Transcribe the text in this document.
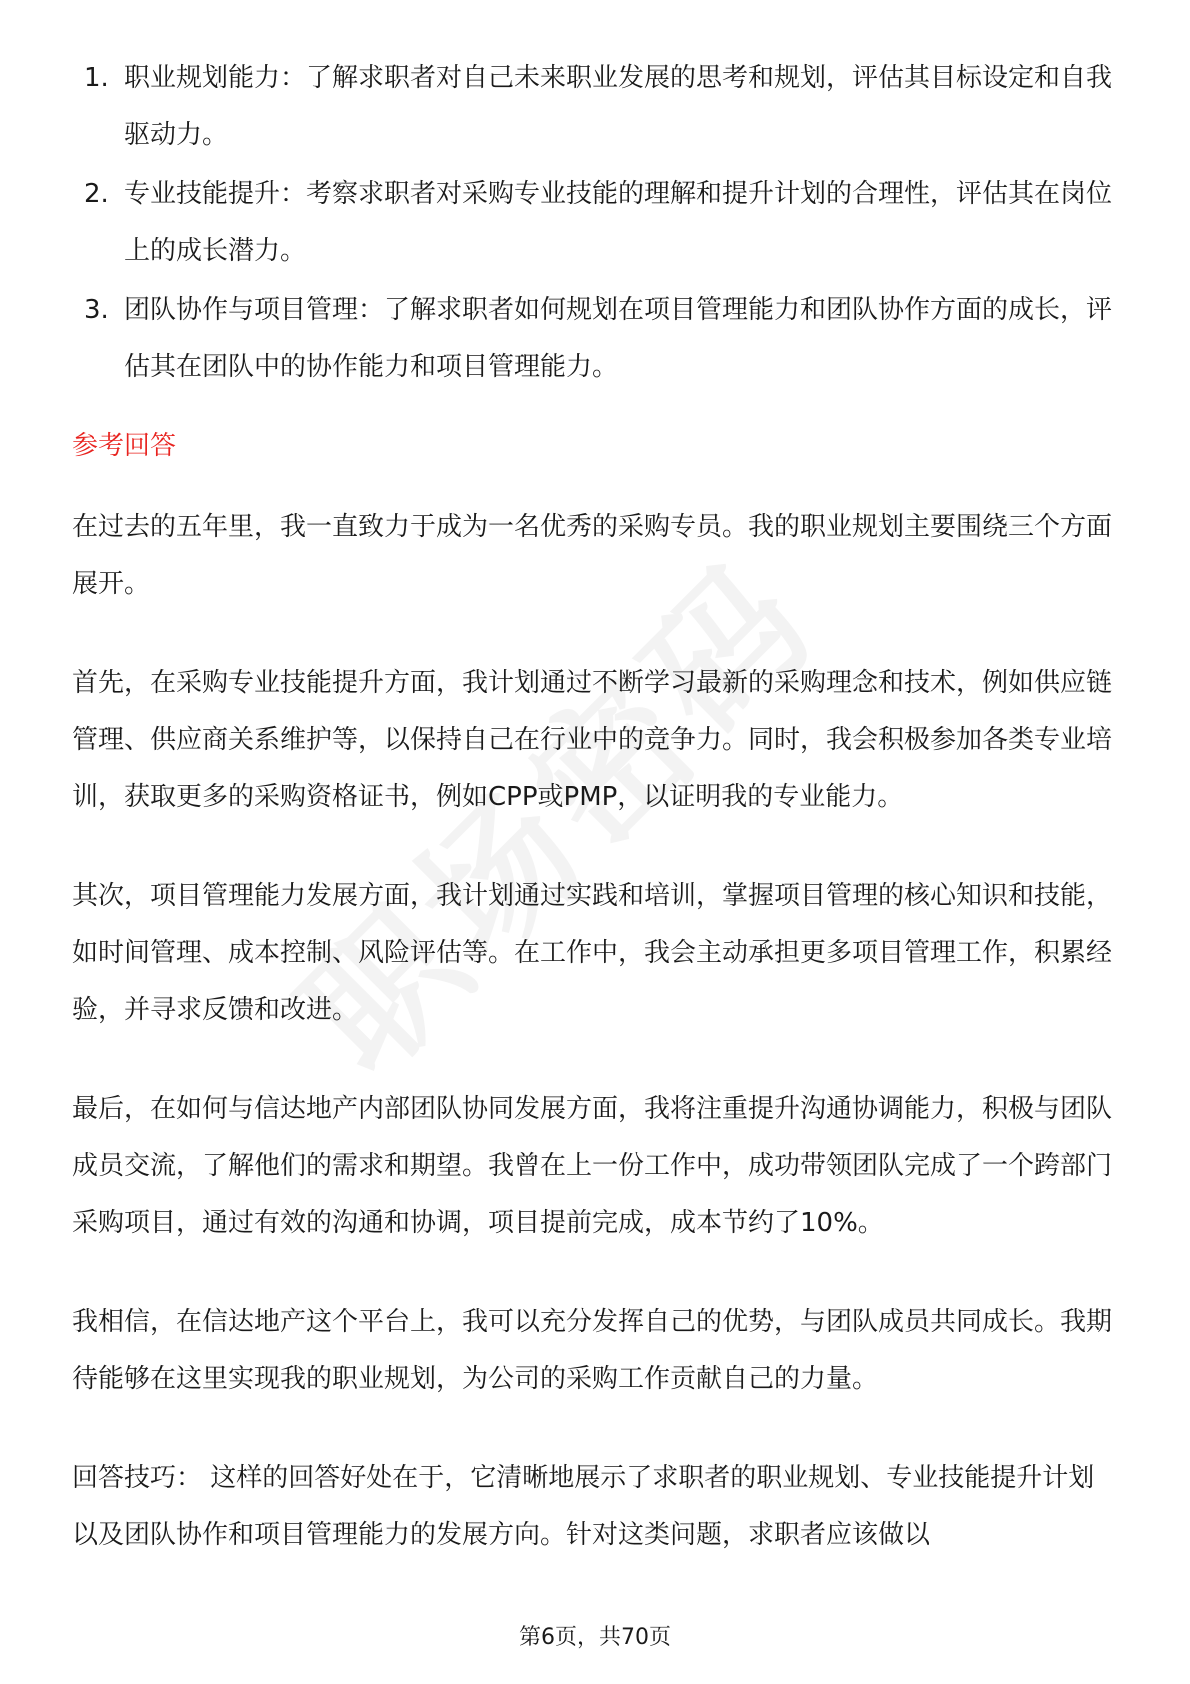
1. 职业规划能力：了解求职者对自己未来职业发展的思考和规划，评估其目标设定和自我驱动力。
2. 专业技能提升：考察求职者对采购专业技能的理解和提升计划的合理性，评估其在岗位上的成长潜力。
3. 团队协作与项目管理：了解求职者如何规划在项目管理能力和团队协作方面的成长，评估其在团队中的协作能力和项目管理能力。
参考回答

在过去的五年里，我一直致力于成为一名优秀的采购专员。我的职业规划主要围绕三个方面展开。

首先，在采购专业技能提升方面，我计划通过不断学习最新的采购理念和技术，例如供应链管理、供应商关系维护等，以保持自己在行业中的竞争力。同时，我会积极参加各类专业培训，获取更多的采购资格证书，例如CPP或PMP，以证明我的专业能力。

其次，项目管理能力发展方面，我计划通过实践和培训，掌握项目管理的核心知识和技能，如时间管理、成本控制、风险评估等。在工作中，我会主动承担更多项目管理工作，积累经验，并寻求反馈和改进。

最后，在如何与信达地产内部团队协同发展方面，我将注重提升沟通协调能力，积极与团队成员交流，了解他们的需求和期望。我曾在上一份工作中，成功带领团队完成了一个跨部门采购项目，通过有效的沟通和协调，项目提前完成，成本节约了10%。

我相信，在信达地产这个平台上，我可以充分发挥自己的优势，与团队成员共同成长。我期待能够在这里实现我的职业规划，为公司的采购工作贡献自己的力量。

回答技巧： 这样的回答好处在于，它清晰地展示了求职者的职业规划、专业技能提升计划以及团队协作和项目管理能力的发展方向。针对这类问题，求职者应该做以

第6页，共70页
